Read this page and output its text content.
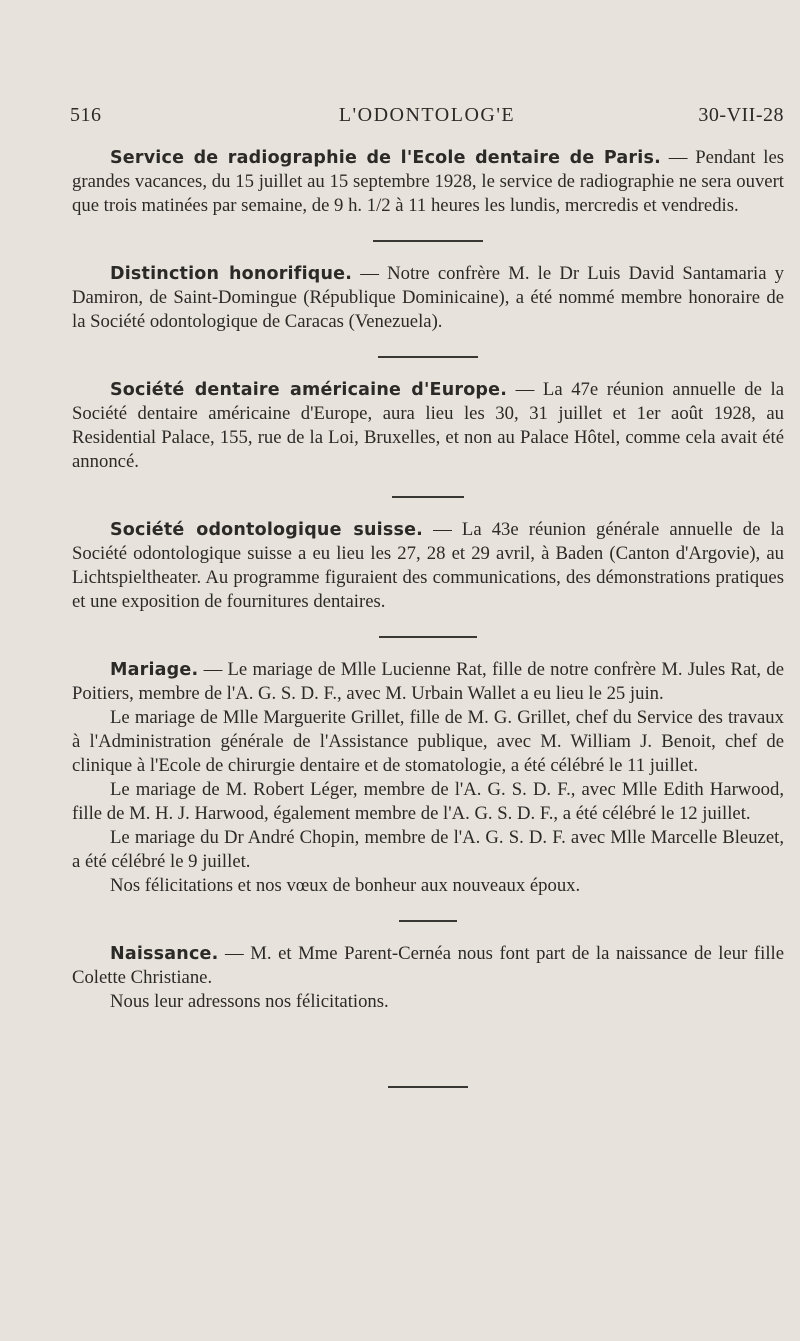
516	L'ODONTOLOG'E	30-VII-28

Service de radiographie de l'Ecole dentaire de Paris. — Pendant les grandes vacances, du 15 juillet au 15 septembre 1928, le service de radiographie ne sera ouvert que trois matinées par semaine, de 9 h. 1/2 à 11 heures les lundis, mercredis et vendredis.

Distinction honorifique. — Notre confrère M. le Dr Luis David Santamaria y Damiron, de Saint-Domingue (République Dominicaine), a été nommé membre honoraire de la Société odontologique de Caracas (Venezuela).

Société dentaire américaine d'Europe. — La 47e réunion annuelle de la Société dentaire américaine d'Europe, aura lieu les 30, 31 juillet et 1er août 1928, au Residential Palace, 155, rue de la Loi, Bruxelles, et non au Palace Hôtel, comme cela avait été annoncé.

Société odontologique suisse. — La 43e réunion générale annuelle de la Société odontologique suisse a eu lieu les 27, 28 et 29 avril, à Baden (Canton d'Argovie), au Lichtspieltheater. Au programme figuraient des communications, des démonstrations pratiques et une exposition de fournitures dentaires.

Mariage. — Le mariage de Mlle Lucienne Rat, fille de notre confrère M. Jules Rat, de Poitiers, membre de l'A. G. S. D. F., avec M. Urbain Wallet a eu lieu le 25 juin.

Le mariage de Mlle Marguerite Grillet, fille de M. G. Grillet, chef du Service des travaux à l'Administration générale de l'Assistance publique, avec M. William J. Benoit, chef de clinique à l'Ecole de chirurgie dentaire et de stomatologie, a été célébré le 11 juillet.

Le mariage de M. Robert Léger, membre de l'A. G. S. D. F., avec Mlle Edith Harwood, fille de M. H. J. Harwood, également membre de l'A. G. S. D. F., a été célébré le 12 juillet.

Le mariage du Dr André Chopin, membre de l'A. G. S. D. F. avec Mlle Marcelle Bleuzet, a été célébré le 9 juillet.

Nos félicitations et nos vœux de bonheur aux nouveaux époux.

Naissance. — M. et Mme Parent-Cernéa nous font part de la naissance de leur fille Colette Christiane.

Nous leur adressons nos félicitations.
